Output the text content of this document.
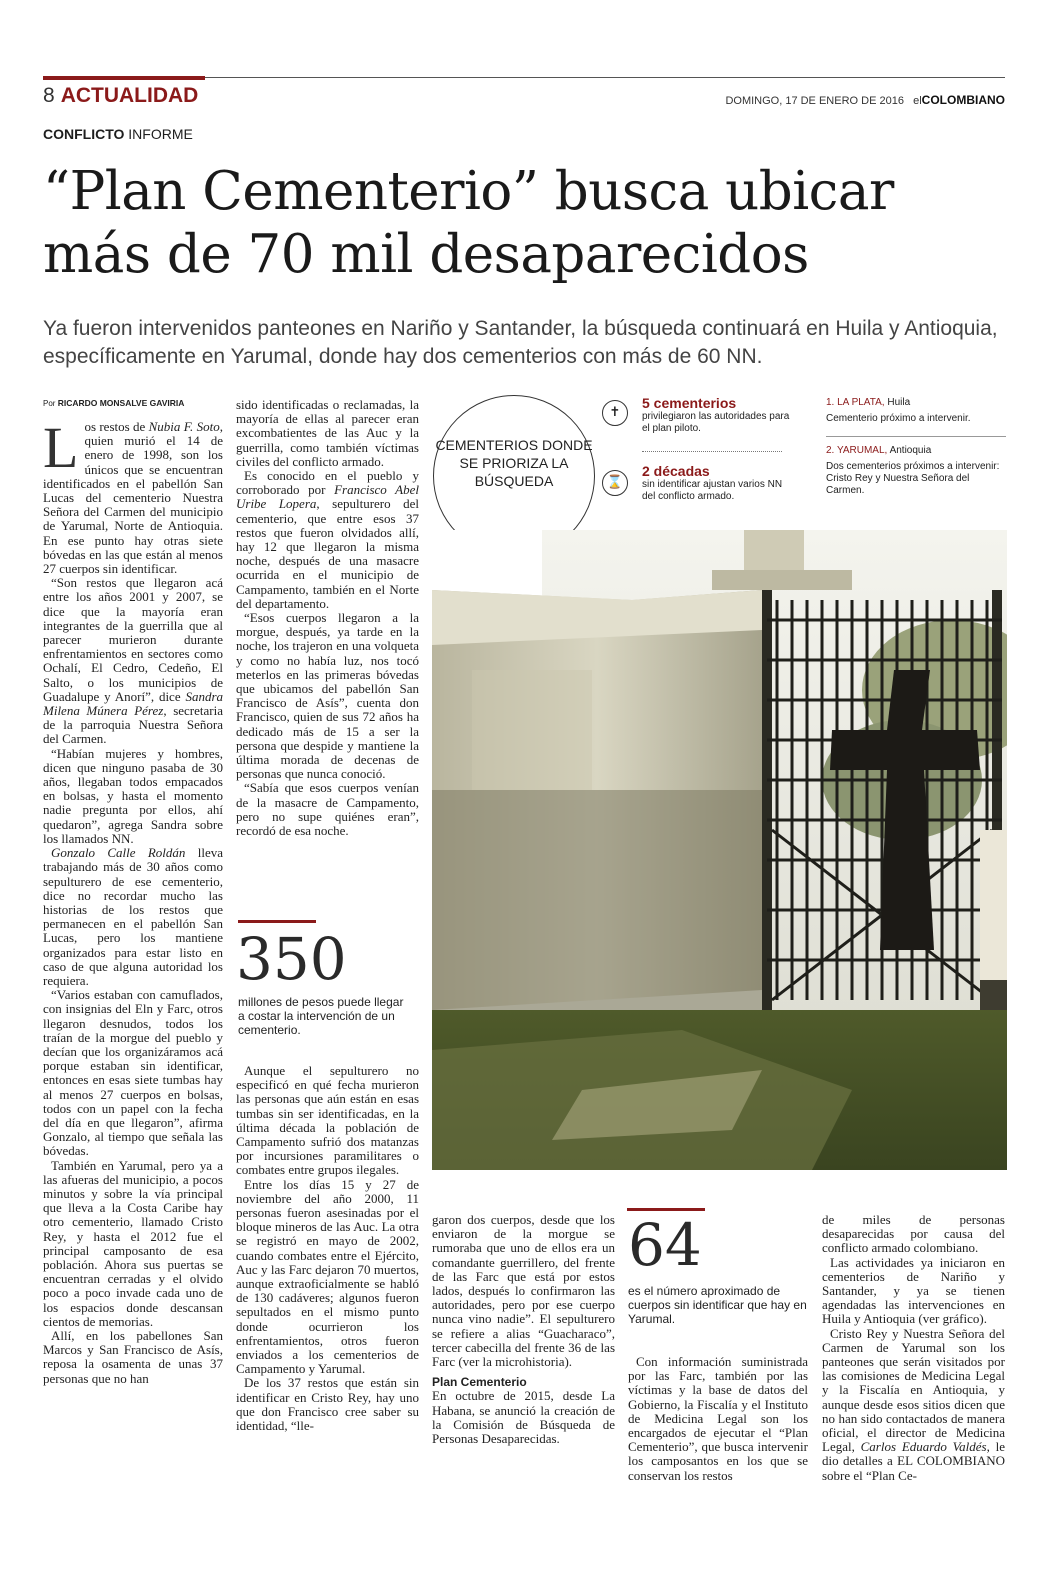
8 ACTUALIDAD	DOMINGO, 17 DE ENERO DE 2016 elCOLOMBIANO
CONFLICTO INFORME
“Plan Cementerio” busca ubicar más de 70 mil desaparecidos
Ya fueron intervenidos panteones en Nariño y Santander, la búsqueda continuará en Huila y Antioquia, específicamente en Yarumal, donde hay dos cementerios con más de 60 NN.
Por RICARDO MONSALVE GAVIRIA

Los restos de Nubia F. Soto, quien murió el 14 de enero de 1998, son los únicos que se encuentran identificados en el pabellón San Lucas del cementerio Nuestra Señora del Carmen del municipio de Yarumal, Norte de Antioquia. En ese punto hay otras siete bóvedas en las que están al menos 27 cuerpos sin identificar.

“Son restos que llegaron acá entre los años 2001 y 2007, se dice que la mayoría eran integrantes de la guerrilla que al parecer murieron durante enfrentamientos en sectores como Ochalí, El Cedro, Cedeño, El Salto, o los municipios de Guadalupe y Anorí”, dice Sandra Milena Múnera Pérez, secretaria de la parroquia Nuestra Señora del Carmen.

“Habían mujeres y hombres, dicen que ninguno pasaba de 30 años, llegaban todos empacados en bolsas, y hasta el momento nadie pregunta por ellos, ahí quedaron”, agrega Sandra sobre los llamados NN.

Gonzalo Calle Roldán lleva trabajando más de 30 años como sepulturero de ese cementerio, dice no recordar mucho las historias de los restos que permanecen en el pabellón San Lucas, pero los mantiene organizados para estar listo en caso de que alguna autoridad los requiera.

“Varios estaban con camuflados, con insignias del Eln y Farc, otros llegaron desnudos, todos los traían de la morgue del pueblo y decían que los organizáramos acá porque estaban sin identificar, entonces en esas siete tumbas hay al menos 27 cuerpos en bolsas, todos con un papel con la fecha del día en que llegaron”, afirma Gonzalo, al tiempo que señala las bóvedas.

También en Yarumal, pero ya a las afueras del municipio, a pocos minutos y sobre la vía principal que lleva a la Costa Caribe hay otro cementerio, llamado Cristo Rey, y hasta el 2012 fue el principal camposanto de esa población. Ahora sus puertas se encuentran cerradas y el olvido poco a poco invade cada uno de los espacios donde descansan cientos de memorias.

Allí, en los pabellones San Marcos y San Francisco de Asís, reposa la osamenta de unas 37 personas que no han

sido identificadas o reclamadas, la mayoría de ellas al parecer eran excombatientes de las Auc y la guerrilla, como también víctimas civiles del conflicto armado.

Es conocido en el pueblo y corroborado por Francisco Abel Uribe Lopera, sepulturero del cementerio, que entre esos 37 restos que fueron olvidados allí, hay 12 que llegaron la misma noche, después de una masacre ocurrida en el municipio de Campamento, también en el Norte del departamento.

“Esos cuerpos llegaron a la morgue, después, ya tarde en la noche, los trajeron en una volqueta y como no había luz, nos tocó meterlos en las primeras bóvedas que ubicamos del pabellón San Francisco de Asís”, cuenta don Francisco, quien de sus 72 años ha dedicado más de 15 a ser la persona que despide y mantiene la última morada de decenas de personas que nunca conoció.

“Sabía que esos cuerpos venían de la masacre de Campamento, pero no supe quiénes eran”, recordó de esa noche.

350
millones de pesos puede llegar a costar la intervención de un cementerio.

Aunque el sepulturero no especificó en qué fecha murieron las personas que aún están en esas tumbas sin ser identificadas, en la última década la población de Campamento sufrió dos matanzas por incursiones paramilitares o combates entre grupos ilegales.

Entre los días 15 y 27 de noviembre del año 2000, 11 personas fueron asesinadas por el bloque mineros de las Auc. La otra se registró en mayo de 2002, cuando combates entre el Ejército, Auc y las Farc dejaron 70 muertos, aunque extraoficialmente se habló de 130 cadáveres; algunos fueron sepultados en el mismo punto donde ocurrieron los enfrentamientos, otros fueron enviados a los cementerios de Campamento y Yarumal.

De los 37 restos que están sin identificar en Cristo Rey, hay uno que don Francisco cree saber su identidad, “lle-

CEMENTERIOS DONDE SE PRIORIZA LA BÚSQUEDA
✝
5 cementerios
privilegiaron las autoridades para el plan piloto.
⌛
2 décadas
sin identificar ajustan varios NN del conflicto armado.
1. LA PLATA, Huila
Cementerio próximo a intervenir.
2. YARUMAL, Antioquia
Dos cementerios próximos a intervenir: Cristo Rey y Nuestra Señora del Carmen.

garon dos cuerpos, desde que los enviaron de la morgue se rumoraba que uno de ellos era un comandante guerrillero, del frente de las Farc que está por estos lados, después lo confirmaron las autoridades, pero por ese cuerpo nunca vino nadie”. El sepulturero se refiere a alias “Guacharaco”, tercer cabecilla del frente 36 de las Farc (ver la microhistoria).

Plan Cementerio

En octubre de 2015, desde La Habana, se anunció la creación de la Comisión de Búsqueda de Personas Desaparecidas.

64
es el número aproximado de cuerpos sin identificar que hay en Yarumal.

Con información suministrada por las Farc, también por las víctimas y la base de datos del Gobierno, la Fiscalía y el Instituto de Medicina Legal son los encargados de ejecutar el “Plan Cementerio”, que busca intervenir los camposantos en los que se conservan los restos

de miles de personas desaparecidas por causa del conflicto armado colombiano.

Las actividades ya iniciaron en cementerios de Nariño y Santander, y ya se tienen agendadas las intervenciones en Huila y Antioquia (ver gráfico).

Cristo Rey y Nuestra Señora del Carmen de Yarumal son los panteones que serán visitados por las comisiones de Medicina Legal y la Fiscalía en Antioquia, y aunque desde esos sitios dicen que no han sido contactados de manera oficial, el director de Medicina Legal, Carlos Eduardo Valdés, le dio detalles a EL COLOMBIANO sobre el “Plan Ce-
